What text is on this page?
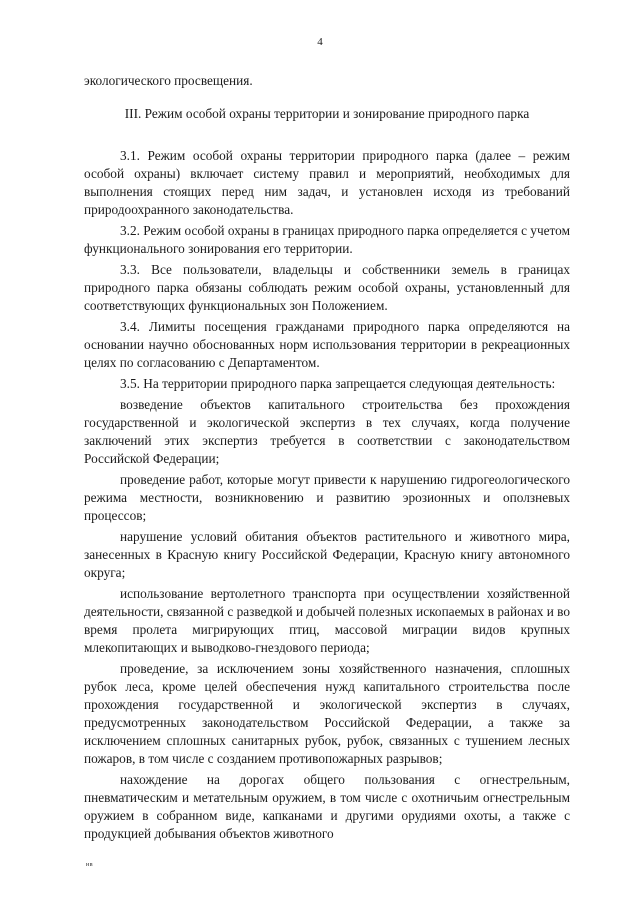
4

экологического просвещения.

III. Режим особой охраны территории и зонирование природного парка

3.1. Режим особой охраны территории природного парка (далее – режим особой охраны) включает систему правил и мероприятий, необходимых для выполнения стоящих перед ним задач, и установлен исходя из требований природоохранного законодательства.

3.2. Режим особой охраны в границах природного парка определяется с учетом функционального зонирования его территории.

3.3. Все пользователи, владельцы и собственники земель в границах природного парка обязаны соблюдать режим особой охраны, установленный для соответствующих функциональных зон Положением.

3.4. Лимиты посещения гражданами природного парка определяются на основании научно обоснованных норм использования территории в рекреационных целях по согласованию с Департаментом.

3.5. На территории природного парка запрещается следующая деятельность:

возведение объектов капитального строительства без прохождения государственной и экологической экспертиз в тех случаях, когда получение заключений этих экспертиз требуется в соответствии с законодательством Российской Федерации;

проведение работ, которые могут привести к нарушению гидрогеологического режима местности, возникновению и развитию эрозионных и оползневых процессов;

нарушение условий обитания объектов растительного и животного мира, занесенных в Красную книгу Российской Федерации, Красную книгу автономного округа;

использование вертолетного транспорта при осуществлении хозяйственной деятельности, связанной с разведкой и добычей полезных ископаемых в районах и во время пролета мигрирующих птиц, массовой миграции видов крупных млекопитающих и выводково-гнездового периода;

проведение, за исключением зоны хозяйственного назначения, сплошных рубок леса, кроме целей обеспечения нужд капитального строительства после прохождения государственной и экологической экспертиз в случаях, предусмотренных законодательством Российской Федерации, а также за исключением сплошных санитарных рубок, рубок, связанных с тушением лесных пожаров, в том числе с созданием противопожарных разрывов;

нахождение на дорогах общего пользования с огнестрельным, пневматическим и метательным оружием, в том числе с охотничьим огнестрельным оружием в собранном виде, капканами и другими орудиями охоты, а также с продукцией добывания объектов животного

нв
